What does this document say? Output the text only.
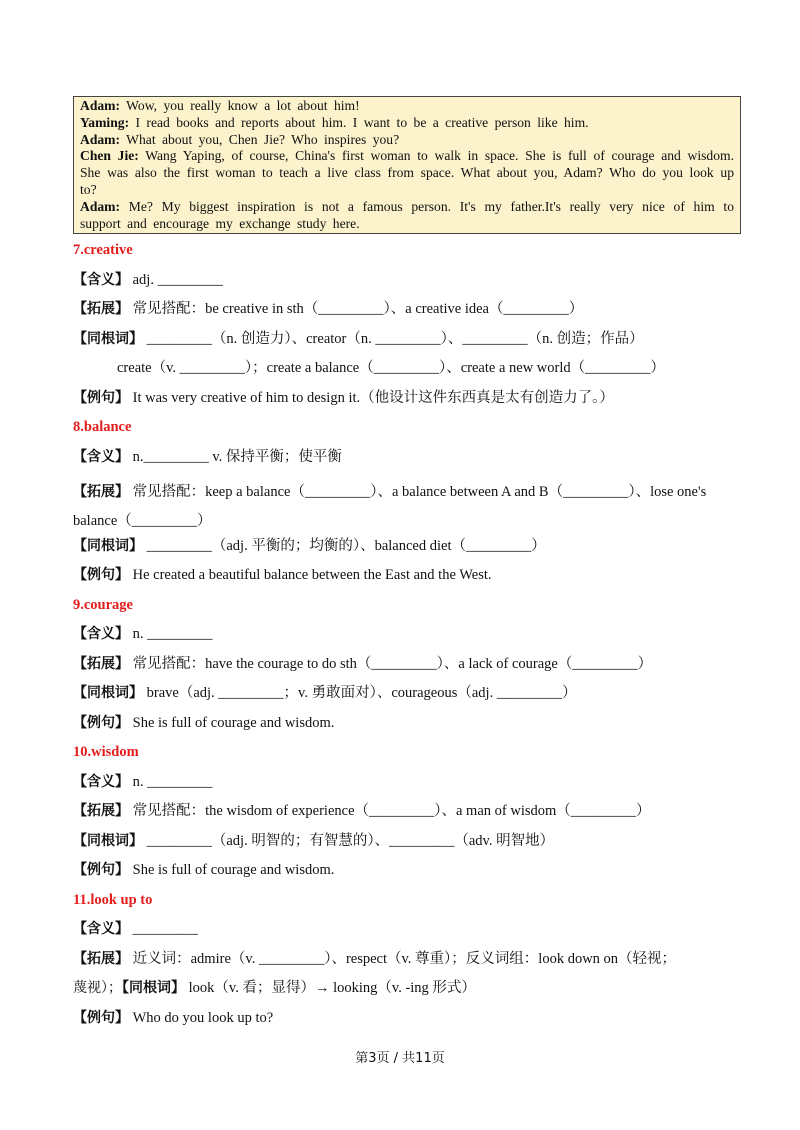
Adam: Wow, you really know a lot about him!

Yaming: I read books and reports about him. I want to be a creative person like him.

Adam: What about you, Chen Jie? Who inspires you?

Chen Jie: Wang Yaping, of course, China's first woman to walk in space. She is full of courage and wisdom. She was also the first woman to teach a live class from space. What about you, Adam? Who do you look up to?

Adam: Me? My biggest inspiration is not a famous person. It's my father.It's really very nice of him to support and encourage my exchange study here.

7.creative
【含义】 adj. _________
【拓展】 常见搭配：be creative in sth（_________）、a creative idea（_________）
【同根词】 _________（n. 创造力）、creator（n. _________）、_________（n. 创造；作品）
create（v. _________）；create a balance（_________）、create a new world（_________）
【例句】 It was very creative of him to design it.（他设计这件东西真是太有创造力了。）
8.balance
【含义】 n._________ v. 保持平衡；使平衡
【拓展】 常见搭配：keep a balance（_________）、a balance between A and B（_________）、lose one's balance（_________）
【同根词】 _________（adj. 平衡的；均衡的）、balanced diet（_________）
【例句】 He created a beautiful balance between the East and the West.
9.courage
【含义】 n. _________
【拓展】 常见搭配：have the courage to do sth（_________）、a lack of courage（_________）
【同根词】 brave（adj. _________；v. 勇敢面对）、courageous（adj. _________）
【例句】 She is full of courage and wisdom.
10.wisdom
【含义】 n. _________
【拓展】 常见搭配：the wisdom of experience（_________）、a man of wisdom（_________）
【同根词】 _________（adj. 明智的；有智慧的）、_________（adv. 明智地）
【例句】 She is full of courage and wisdom.
11.look up to
【含义】 _________
【拓展】 近义词：admire（v. _________）、respect（v. 尊重）；反义词组：look down on（轻视；
蔑视）；【同根词】 look（v. 看；显得）→ looking（v. -ing 形式）
【例句】 Who do you look up to?
第3页 / 共11页
